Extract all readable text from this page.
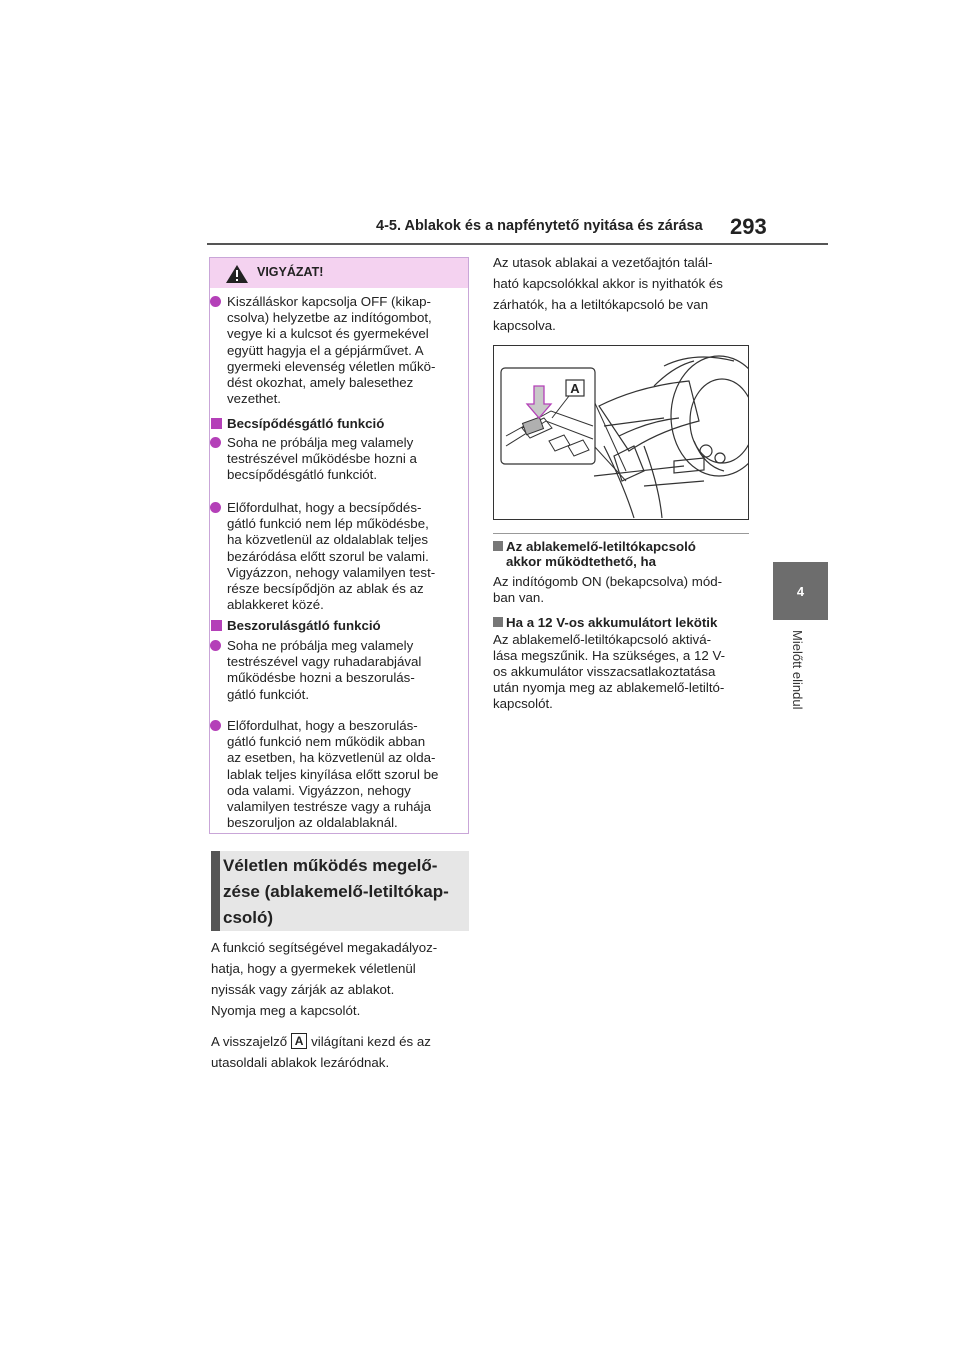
4-5. Ablakok és a napfénytető nyitása és zárása 293
4
Mielőtt elindul
VIGYÁZAT!
Kiszálláskor kapcsolja OFF (kikap-
csolva) helyzetbe az indítógombot,
vegye ki a kulcsot és gyermekével
együtt hagyja el a gépjárművet. A
gyermeki elevenség véletlen műkö-
dést okozhat, amely balesethez
vezethet.
Becsípődésgátló funkció
Soha ne próbálja meg valamely
testrészével működésbe hozni a
becsípődésgátló funkciót.
Előfordulhat, hogy a becsípődés-
gátló funkció nem lép működésbe,
ha közvetlenül az oldalablak teljes
bezáródása előtt szorul be valami.
Vigyázzon, nehogy valamilyen test-
része becsípődjön az ablak és az
ablakkeret közé.
Beszorulásgátló funkció
Soha ne próbálja meg valamely
testrészével vagy ruhadarabjával
működésbe hozni a beszorulás-
gátló funkciót.
Előfordulhat, hogy a beszorulás-
gátló funkció nem működik abban
az esetben, ha közvetlenül az olda-
lablak teljes kinyílása előtt szorul be
oda valami. Vigyázzon, nehogy
valamilyen testrésze vagy a ruhája
beszoruljon az oldalablaknál.
Véletlen működés megelő-
zése (ablakemelő-letiltókap-
csoló)
A funkció segítségével megakadályoz-
hatja, hogy a gyermekek véletlenül
nyissák vagy zárják az ablakot.
Nyomja meg a kapcsolót.
A visszajelző A világítani kezd és az
utasoldali ablakok lezáródnak.
Az utasok ablakai a vezetőajtón talál-
ható kapcsolókkal akkor is nyithatók és
zárhatók, ha a letiltókapcsoló be van
kapcsolva.
A
Az ablakemelő-letiltókapcsoló
akkor működtethető, ha
Az indítógomb ON (bekapcsolva) mód-
ban van.
Ha a 12 V-os akkumulátort lekötik
Az ablakemelő-letiltókapcsoló aktivá-
lása megszűnik. Ha szükséges, a 12 V-
os akkumulátor visszacsatlakoztatása
után nyomja meg az ablakemelő-letiltó-
kapcsolót.
